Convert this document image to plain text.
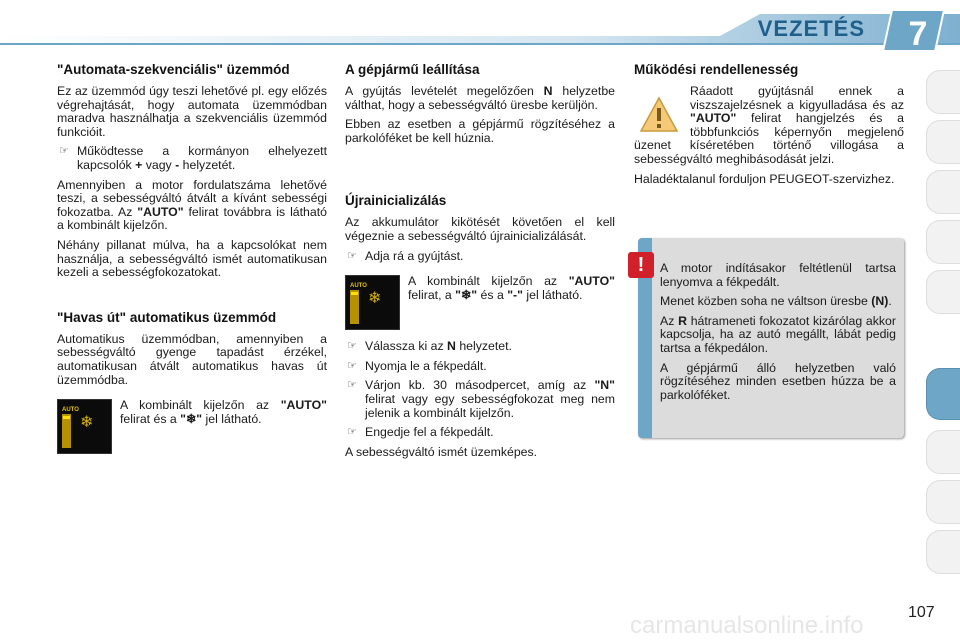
VEZETÉS	7
"Automata-szekvenciális" üzemmód

Ez az üzemmód úgy teszi lehetővé pl. egy előzés végrehajtását, hogy automata üzemmódban maradva használhatja a szekvenciális üzemmód funkcióit.

☞ Működtesse a kormányon elhelyezett kapcsolók + vagy - helyzetét.

Amennyiben a motor fordulatszáma lehetővé teszi, a sebességváltó átvált a kívánt sebességi fokozatba. Az "AUTO" felirat továbbra is látható a kombinált kijelzőn.

Néhány pillanat múlva, ha a kapcsolókat nem használja, a sebességváltó ismét automatikusan kezeli a sebességfokozatokat.

"Havas út" automatikus üzemmód

Automatikus üzemmódban, amennyiben a sebességváltó gyenge tapadást érzékel, automatikusan átvált automatikus havas út üzemmódba.

AUTO
❄

A kombinált kijelzőn az "AUTO" felirat és a "❄" jel látható.

A gépjármű leállítása

A gyújtás levételét megelőzően N helyzetbe válthat, hogy a sebességváltó üresbe kerüljön.

Ebben az esetben a gépjármű rögzítéséhez a parkolóféket be kell húznia.

Újrainicializálás

Az akkumulátor kikötését követően el kell végeznie a sebességváltó újrainicializálását.

☞ Adja rá a gyújtást.
AUTO
❄

A kombinált kijelzőn az "AUTO" felirat, a "❄" és a "-" jel látható.

☞ Válassza ki az N helyzetet.
☞ Nyomja le a fékpedált.
☞ Várjon kb. 30 másodpercet, amíg az "N" felirat vagy egy sebességfokozat meg nem jelenik a kombinált kijelzőn.
☞ Engedje fel a fékpedált.

A sebességváltó ismét üzemképes.

Működési rendellenesség

Ráadott gyújtásnál ennek a viszszajelzésnek a kigyulladása és az "AUTO" felirat hangjelzés és a többfunkciós képernyőn megjelenő üzenet kíséretében történő villogása a sebességváltó meghibásodását jelzi.

Haladéktalanul forduljon PEUGEOT-szervizhez.

A motor indításakor feltétlenül tartsa lenyomva a fékpedált.

Menet közben soha ne váltson üresbe (N).

Az R hátrameneti fokozatot kizárólag akkor kapcsolja, ha az autó megállt, lábát pedig tartsa a fékpedálon.

A gépjármű álló helyzetben való rögzítéséhez minden esetben húzza be a parkolóféket.

!
carmanualsonline.info	107
